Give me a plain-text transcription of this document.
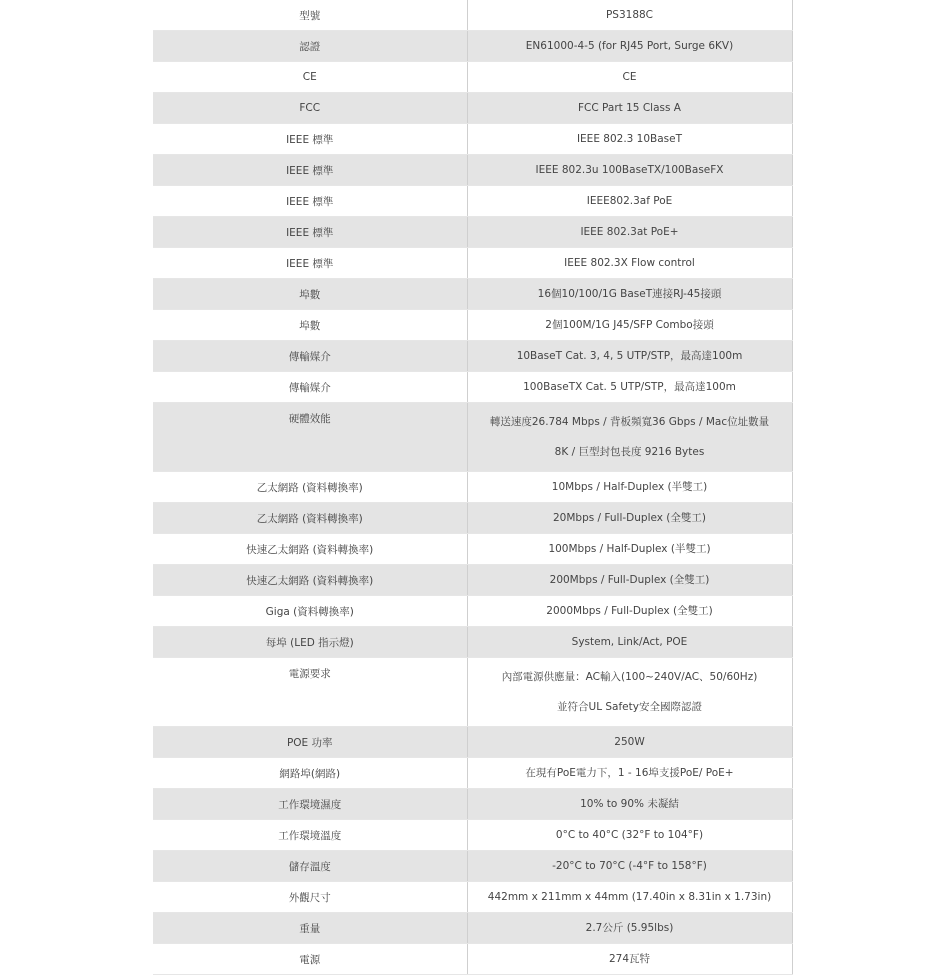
型號	PS3188C

認證	EN61000-4-5 (for RJ45 Port, Surge 6KV)

CE	CE

FCC	FCC Part 15 Class A

IEEE 標準	IEEE 802.3 10BaseT

IEEE 標準	IEEE 802.3u 100BaseTX/100BaseFX

IEEE 標準	IEEE802.3af PoE

IEEE 標準	IEEE 802.3at PoE+

IEEE 標準	IEEE 802.3X Flow control

埠數	16個10/100/1G BaseT連接RJ-45接頭

埠數	2個100M/1G J45/SFP Combo接頭

傳輸媒介	10BaseT Cat. 3, 4, 5 UTP/STP，最高達100m

傳輸媒介	100BaseTX Cat. 5 UTP/STP，最高達100m

硬體效能	轉送速度26.784 Mbps / 背板頻寬36 Gbps / Mac位址數量
8K / 巨型封包長度 9216 Bytes

乙太網路 (資料轉換率)	10Mbps / Half-Duplex (半雙工)

乙太網路 (資料轉換率)	20Mbps / Full-Duplex (全雙工)

快速乙太網路 (資料轉換率)	100Mbps / Half-Duplex (半雙工)

快速乙太網路 (資料轉換率)	200Mbps / Full-Duplex (全雙工)

Giga (資料轉換率)	2000Mbps / Full-Duplex (全雙工)

每埠 (LED 指示燈)	System, Link/Act, POE

電源要求	內部電源供應量：AC輸入(100~240V/AC、50/60Hz)
並符合UL Safety安全國際認證

POE 功率	250W

網路埠(網路)	在現有PoE電力下，1 - 16埠支援PoE/ PoE+

工作環境濕度	10% to 90% 未凝結

工作環境溫度	0°C to 40°C (32°F to 104°F)

儲存溫度	-20°C to 70°C (-4°F to 158°F)

外觀尺寸	442mm x 211mm x 44mm (17.40in x 8.31in x 1.73in)

重量	2.7公斤 (5.95lbs)

電源	274瓦特
